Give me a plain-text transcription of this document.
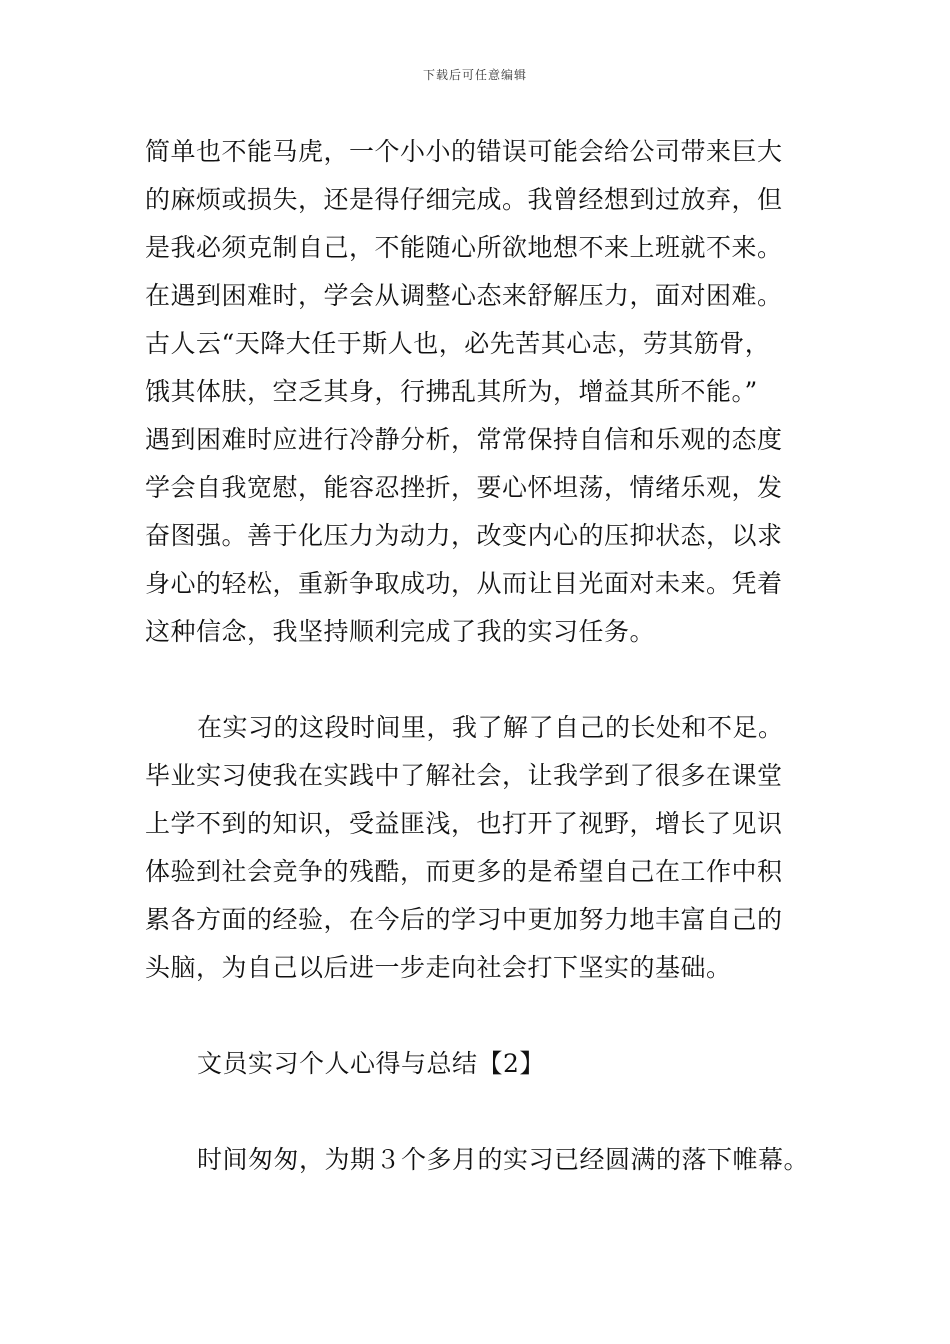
下载后可任意编辑
简单也不能马虎，一个小小的错误可能会给公司带来巨大
的麻烦或损失，还是得仔细完成。我曾经想到过放弃，但
是我必须克制自己，不能随心所欲地想不来上班就不来。
在遇到困难时，学会从调整心态来舒解压力，面对困难。
古人云“天降大任于斯人也，必先苦其心志，劳其筋骨，
饿其体肤，空乏其身，行拂乱其所为，增益其所不能。”
遇到困难时应进行冷静分析，常常保持自信和乐观的态度
学会自我宽慰，能容忍挫折，要心怀坦荡，情绪乐观，发
奋图强。善于化压力为动力，改变内心的压抑状态，以求
身心的轻松，重新争取成功，从而让目光面对未来。凭着
这种信念，我坚持顺利完成了我的实习任务。
在实习的这段时间里，我了解了自己的长处和不足。
毕业实习使我在实践中了解社会，让我学到了很多在课堂
上学不到的知识，受益匪浅，也打开了视野，增长了见识
体验到社会竞争的残酷，而更多的是希望自己在工作中积
累各方面的经验，在今后的学习中更加努力地丰富自己的
头脑，为自己以后进一步走向社会打下坚实的基础。
文员实习个人心得与总结【2】
时间匆匆，为期３个多月的实习已经圆满的落下帷幕。
